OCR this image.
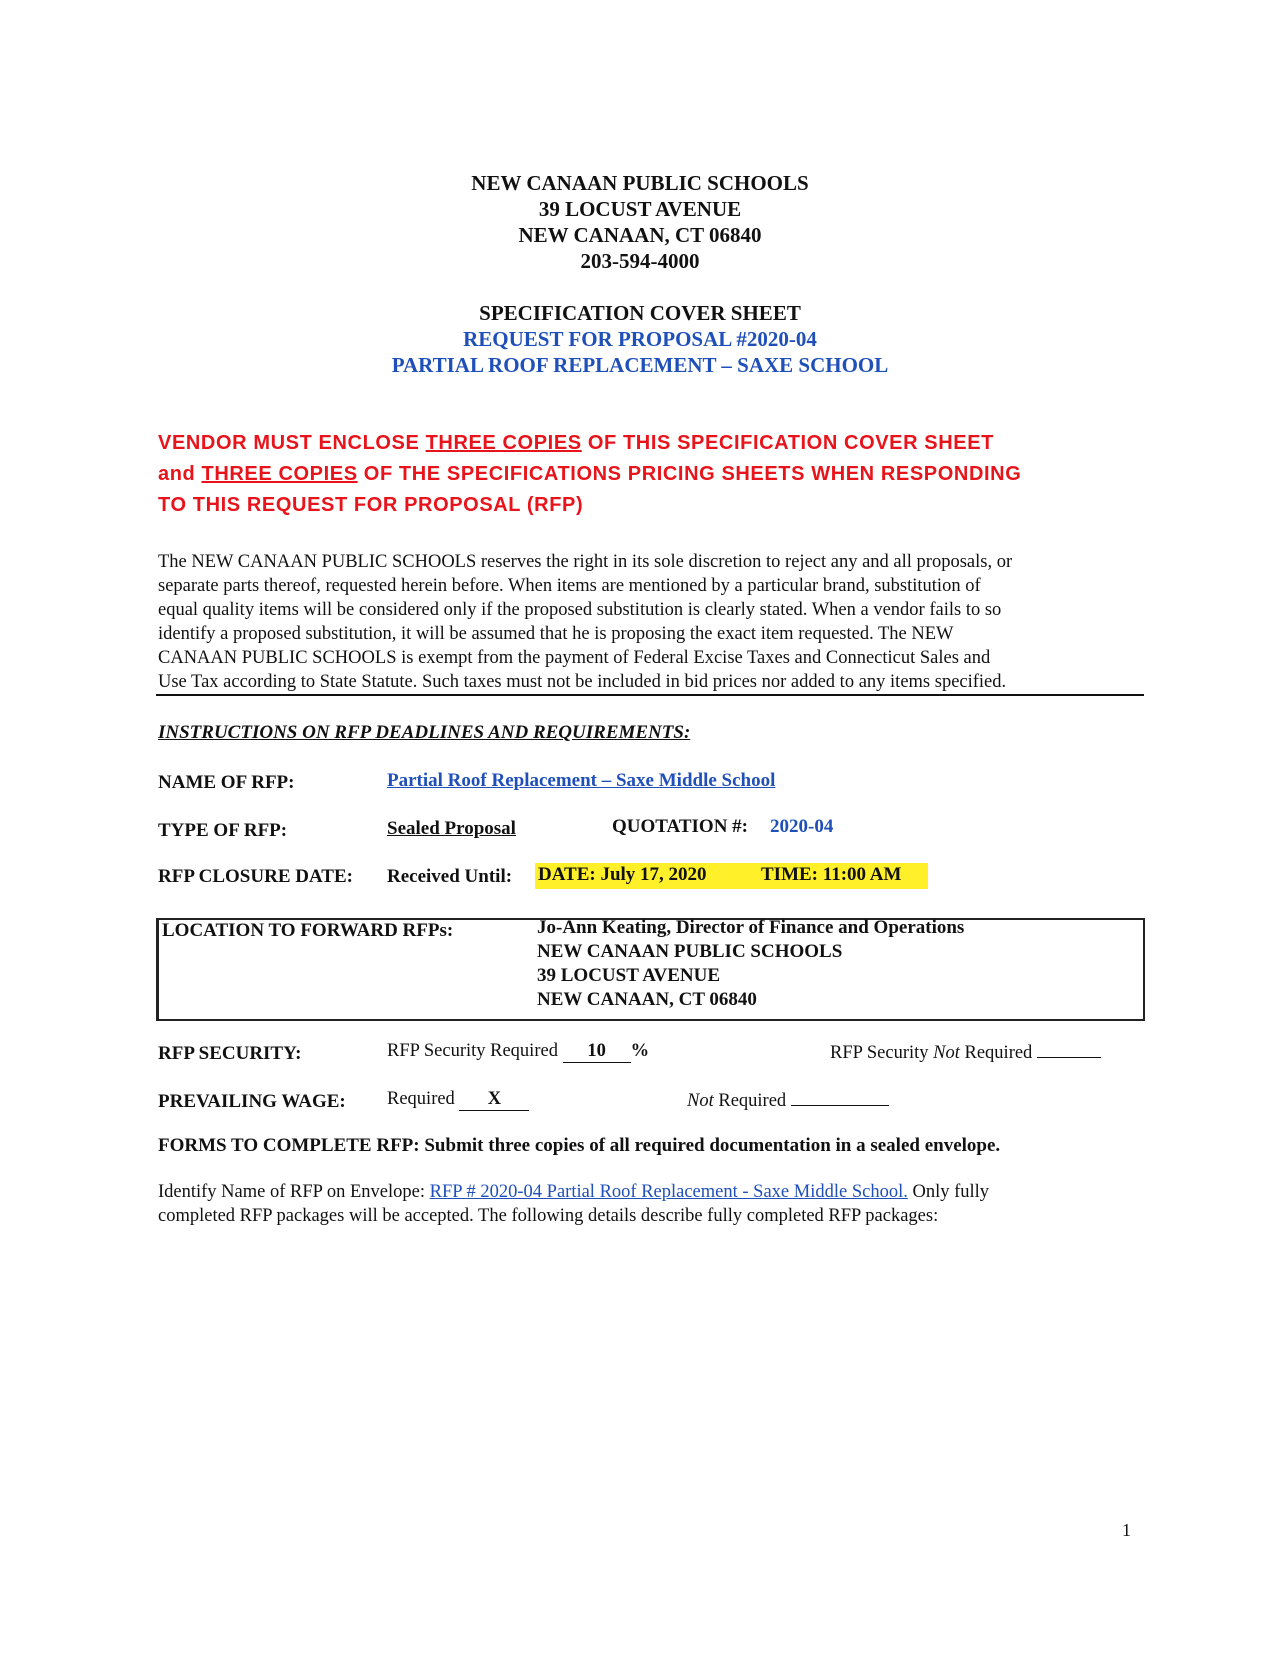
NEW CANAAN PUBLIC SCHOOLS
39 LOCUST AVENUE
NEW CANAAN, CT 06840
203-594-4000
SPECIFICATION COVER SHEET
REQUEST FOR PROPOSAL #2020-04
PARTIAL ROOF REPLACEMENT – SAXE SCHOOL
VENDOR MUST ENCLOSE THREE COPIES OF THIS SPECIFICATION COVER SHEET
and THREE COPIES OF THE SPECIFICATIONS PRICING SHEETS WHEN RESPONDING
TO THIS REQUEST FOR PROPOSAL (RFP)
The NEW CANAAN PUBLIC SCHOOLS reserves the right in its sole discretion to reject any and all proposals, or
separate parts thereof, requested herein before. When items are mentioned by a particular brand, substitution of
equal quality items will be considered only if the proposed substitution is clearly stated. When a vendor fails to so
identify a proposed substitution, it will be assumed that he is proposing the exact item requested. The NEW
CANAAN PUBLIC SCHOOLS is exempt from the payment of Federal Excise Taxes and Connecticut Sales and
Use Tax according to State Statute. Such taxes must not be included in bid prices nor added to any items specified.
INSTRUCTIONS ON RFP DEADLINES AND REQUIREMENTS:
NAME OF RFP:	Partial Roof Replacement – Saxe Middle School
TYPE OF RFP:	Sealed Proposal	QUOTATION #: 2020-04
RFP CLOSURE DATE: Received Until: DATE: July 17, 2020	TIME: 11:00 AM
LOCATION TO FORWARD RFPs:	Jo-Ann Keating, Director of Finance and Operations
NEW CANAAN PUBLIC SCHOOLS
39 LOCUST AVENUE
NEW CANAAN, CT 06840
RFP SECURITY:	RFP Security Required 10 %	RFP Security Not Required
PREVAILING WAGE: Required X	Not Required
FORMS TO COMPLETE RFP: Submit three copies of all required documentation in a sealed envelope.
Identify Name of RFP on Envelope: RFP # 2020-04 Partial Roof Replacement - Saxe Middle School. Only fully
completed RFP packages will be accepted. The following details describe fully completed RFP packages:
1
